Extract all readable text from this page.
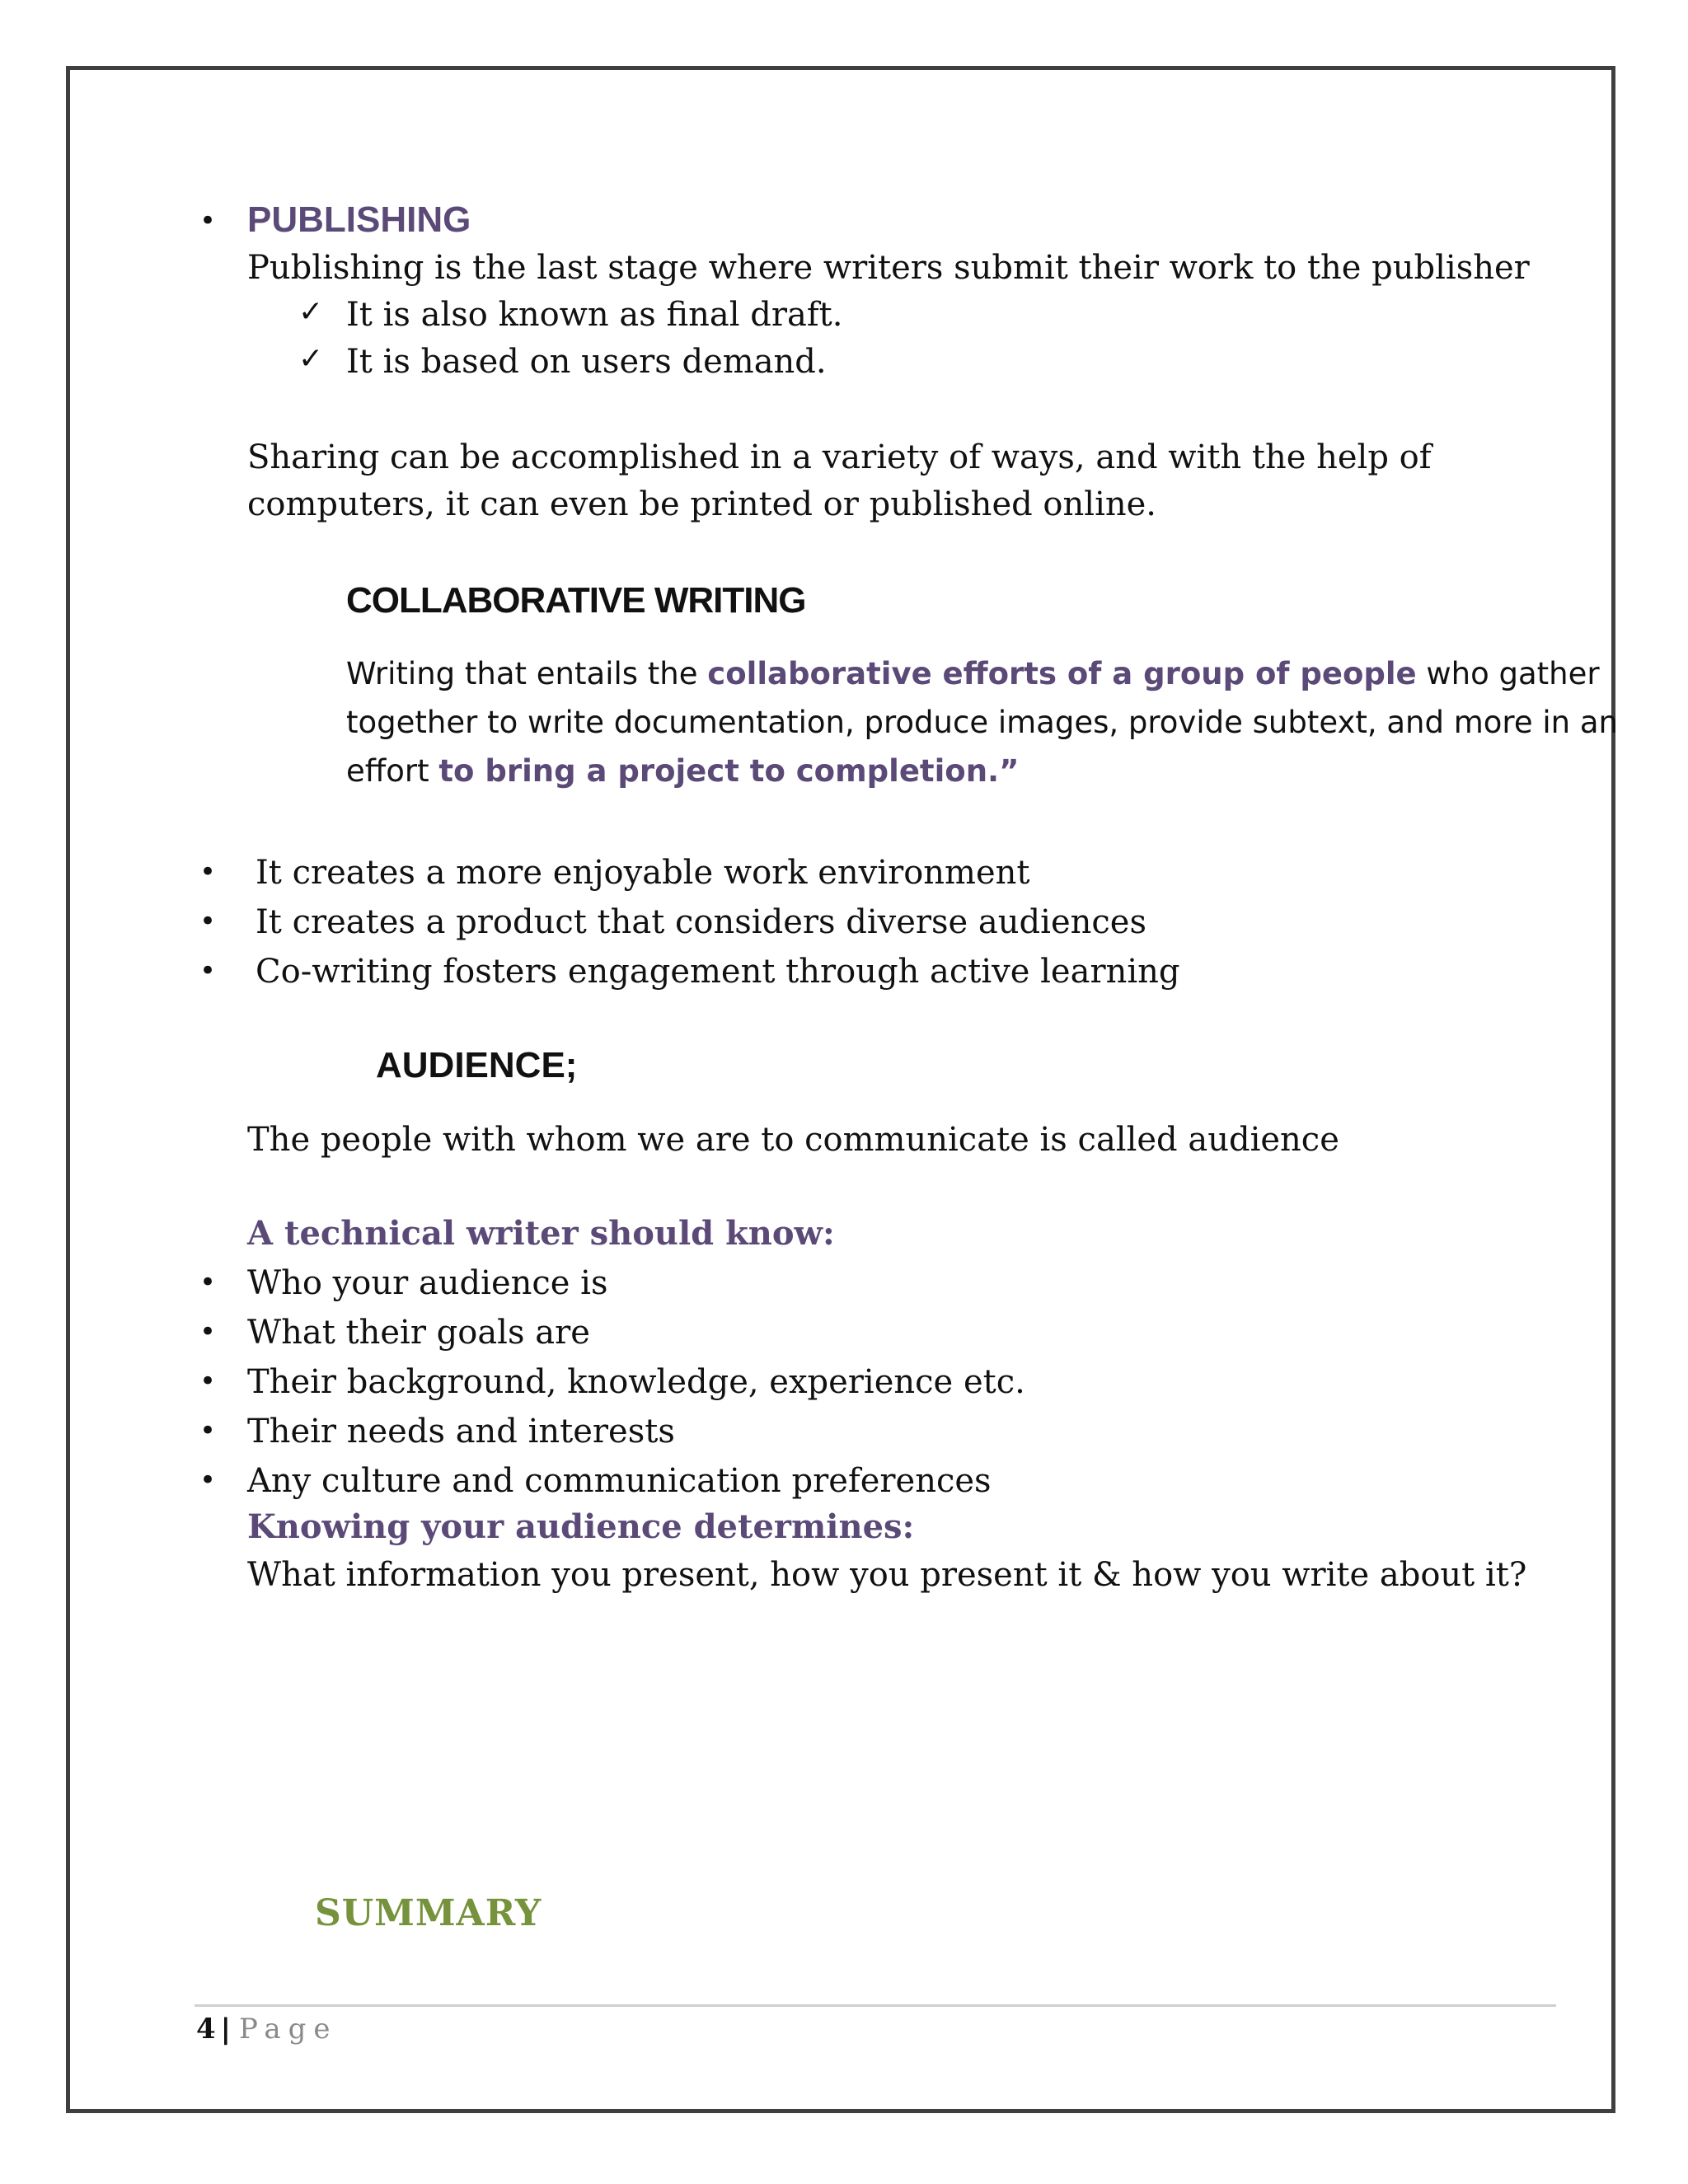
• PUBLISHING
Publishing is the last stage where writers submit their work to the publisher
✓ It is also known as final draft.
✓ It is based on users demand.
Sharing can be accomplished in a variety of ways, and with the help of
computers, it can even be printed or published online.
COLLABORATIVE WRITING
Writing that entails the collaborative efforts of a group of people who gather together to write documentation, produce images, provide subtext, and more in an effort to bring a project to completion.”
• It creates a more enjoyable work environment
• It creates a product that considers diverse audiences
• Co-writing fosters engagement through active learning
AUDIENCE;
The people with whom we are to communicate is called audience
A technical writer should know:
• Who your audience is
• What their goals are
• Their background, knowledge, experience etc.
• Their needs and interests
• Any culture and communication preferences
Knowing your audience determines:
What information you present, how you present it & how you write about it?
SUMMARY
4 | Page
